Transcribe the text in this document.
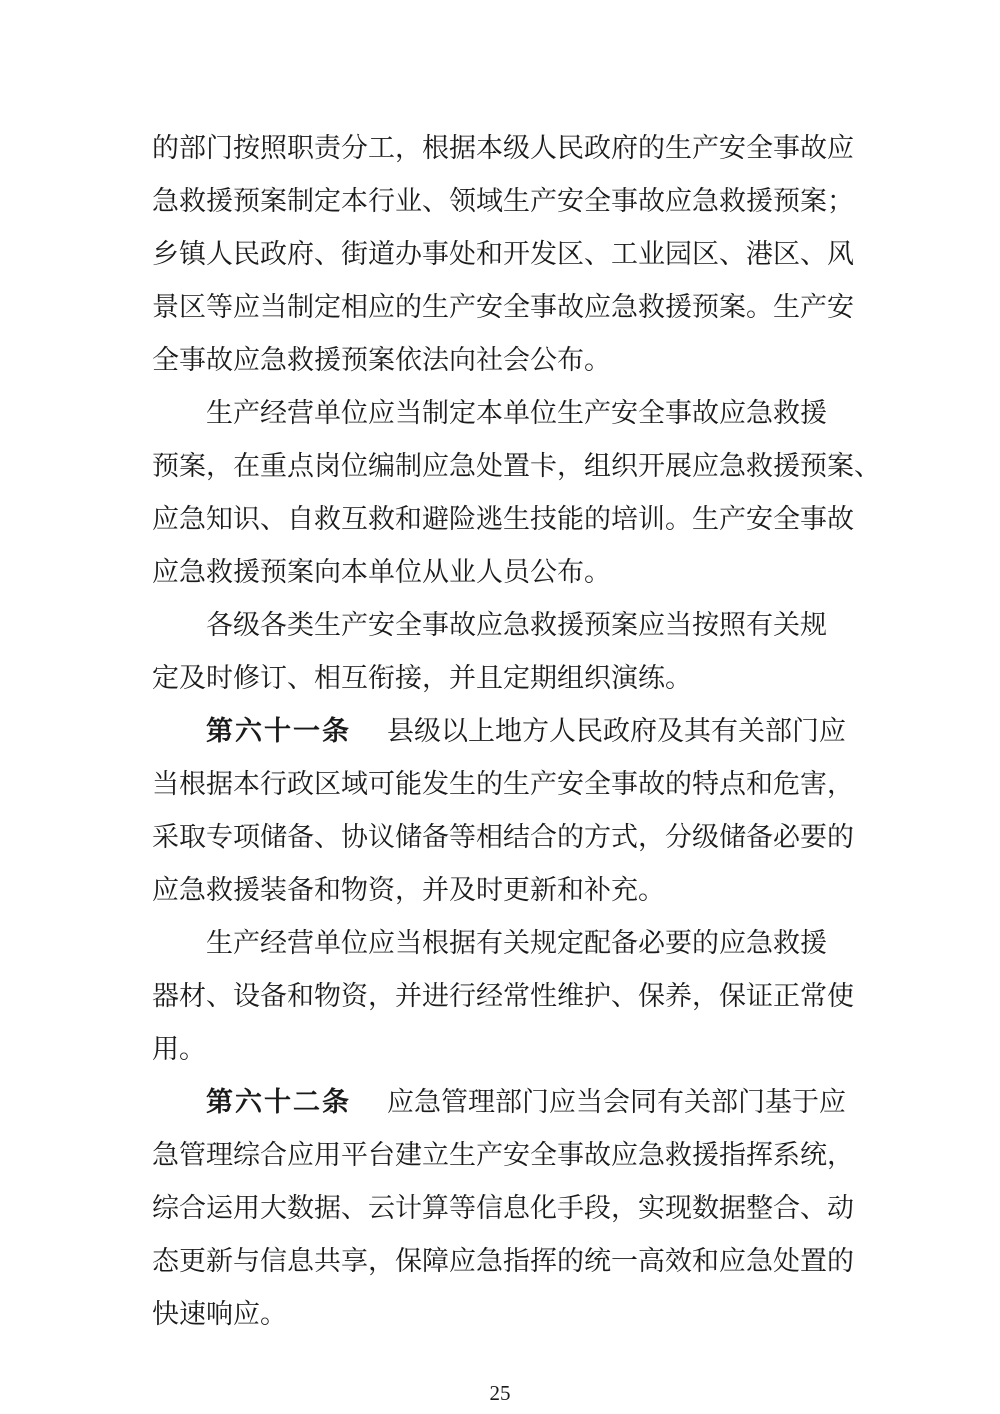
的部门按照职责分工，根据本级人民政府的生产安全事故应
急救援预案制定本行业、领域生产安全事故应急救援预案；
乡镇人民政府、街道办事处和开发区、工业园区、港区、风
景区等应当制定相应的生产安全事故应急救援预案。生产安
全事故应急救援预案依法向社会公布。
生产经营单位应当制定本单位生产安全事故应急救援
预案，在重点岗位编制应急处置卡，组织开展应急救援预案、
应急知识、自救互救和避险逃生技能的培训。生产安全事故
应急救援预案向本单位从业人员公布。
各级各类生产安全事故应急救援预案应当按照有关规
定及时修订、相互衔接，并且定期组织演练。
第六十一条 县级以上地方人民政府及其有关部门应
当根据本行政区域可能发生的生产安全事故的特点和危害，
采取专项储备、协议储备等相结合的方式，分级储备必要的
应急救援装备和物资，并及时更新和补充。
生产经营单位应当根据有关规定配备必要的应急救援
器材、设备和物资，并进行经常性维护、保养，保证正常使
用。
第六十二条 应急管理部门应当会同有关部门基于应
急管理综合应用平台建立生产安全事故应急救援指挥系统，
综合运用大数据、云计算等信息化手段，实现数据整合、动
态更新与信息共享，保障应急指挥的统一高效和应急处置的
快速响应。
25
